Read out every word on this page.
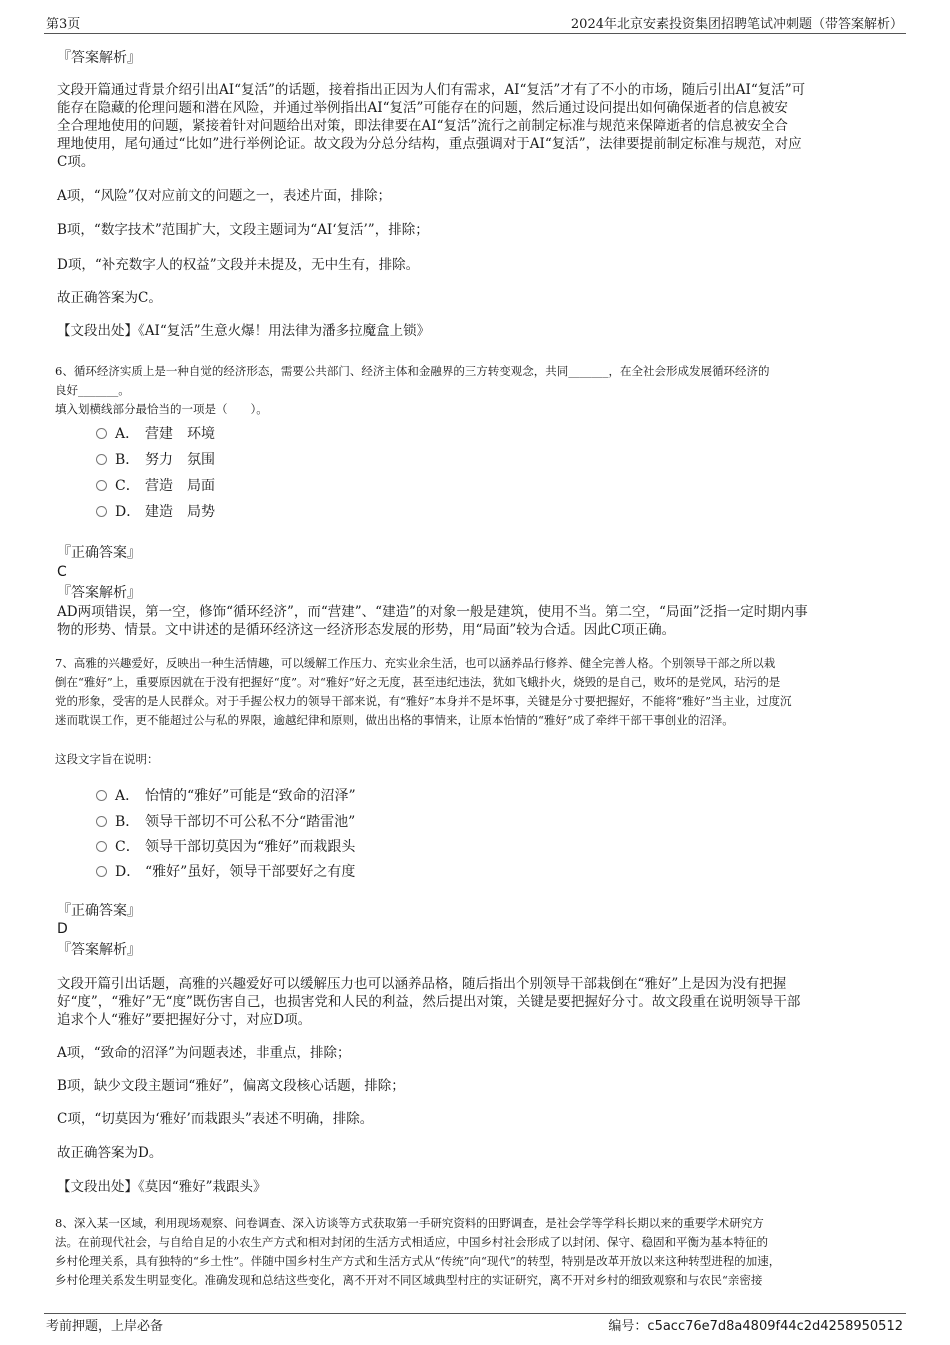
第3页	2024年北京安素投资集团招聘笔试冲刺题（带答案解析）
『答案解析』
文段开篇通过背景介绍引出AI“复活”的话题，接着指出正因为人们有需求，AI“复活”才有了不小的市场，随后引出AI“复活”可
能存在隐藏的伦理问题和潜在风险，并通过举例指出AI“复活”可能存在的问题，然后通过设问提出如何确保逝者的信息被安
全合理地使用的问题，紧接着针对问题给出对策，即法律要在AI“复活”流行之前制定标准与规范来保障逝者的信息被安全合
理地使用，尾句通过“比如”进行举例论证。故文段为分总分结构，重点强调对于AI“复活”，法律要提前制定标准与规范，对应
C项。
A项，“风险”仅对应前文的问题之一，表述片面，排除；
B项，“数字技术”范围扩大，文段主题词为“AI‘复活’”，排除；
D项，“补充数字人的权益”文段并未提及，无中生有，排除。
故正确答案为C。
【文段出处】《AI“复活”生意火爆！用法律为潘多拉魔盒上锁》
6、循环经济实质上是一种自觉的经济形态，需要公共部门、经济主体和金融界的三方转变观念，共同_______，在全社会形成发展循环经济的
良好_______。
填入划横线部分最恰当的一项是（　　）。
A． 营建　环境
B． 努力　氛围
C． 营造　局面
D． 建造　局势
『正确答案』
C
『答案解析』
AD两项错误，第一空，修饰“循环经济”，而“营建”、“建造”的对象一般是建筑，使用不当。第二空，“局面”泛指一定时期内事
物的形势、情景。文中讲述的是循环经济这一经济形态发展的形势，用“局面”较为合适。因此C项正确。
7、高雅的兴趣爱好，反映出一种生活情趣，可以缓解工作压力、充实业余生活，也可以涵养品行修养、健全完善人格。个别领导干部之所以栽
倒在“雅好”上，重要原因就在于没有把握好“度”。对“雅好”好之无度，甚至违纪违法，犹如飞蛾扑火，烧毁的是自己，败坏的是党风，玷污的是
党的形象，受害的是人民群众。对于手握公权力的领导干部来说，有“雅好”本身并不是坏事，关键是分寸要把握好，不能将“雅好”当主业，过度沉
迷而耽误工作，更不能超过公与私的界限，逾越纪律和原则，做出出格的事情来，让原本怡情的“雅好”成了牵绊干部干事创业的沼泽。
这段文字旨在说明：
A． 怡情的“雅好”可能是“致命的沼泽”
B． 领导干部切不可公私不分“踏雷池”
C． 领导干部切莫因为“雅好”而栽跟头
D． “雅好”虽好，领导干部要好之有度
『正确答案』
D
『答案解析』
文段开篇引出话题，高雅的兴趣爱好可以缓解压力也可以涵养品格，随后指出个别领导干部栽倒在“雅好”上是因为没有把握
好“度”，“雅好”无“度”既伤害自己，也损害党和人民的利益，然后提出对策，关键是要把握好分寸。故文段重在说明领导干部
追求个人“雅好”要把握好分寸，对应D项。
A项，“致命的沼泽”为问题表述，非重点，排除；
B项，缺少文段主题词“雅好”，偏离文段核心话题，排除；
C项，“切莫因为‘雅好’而栽跟头”表述不明确，排除。
故正确答案为D。
【文段出处】《莫因“雅好”栽跟头》
8、深入某一区域，利用现场观察、问卷调查、深入访谈等方式获取第一手研究资料的田野调查，是社会学等学科长期以来的重要学术研究方
法。在前现代社会，与自给自足的小农生产方式和相对封闭的生活方式相适应，中国乡村社会形成了以封闭、保守、稳固和平衡为基本特征的
乡村伦理关系，具有独特的“乡土性”。伴随中国乡村生产方式和生活方式从“传统”向“现代”的转型，特别是改革开放以来这种转型进程的加速，
乡村伦理关系发生明显变化。准确发现和总结这些变化，离不开对不同区域典型村庄的实证研究，离不开对乡村的细致观察和与农民“亲密接
考前押题，上岸必备	编号：c5acc76e7d8a4809f44c2d4258950512
